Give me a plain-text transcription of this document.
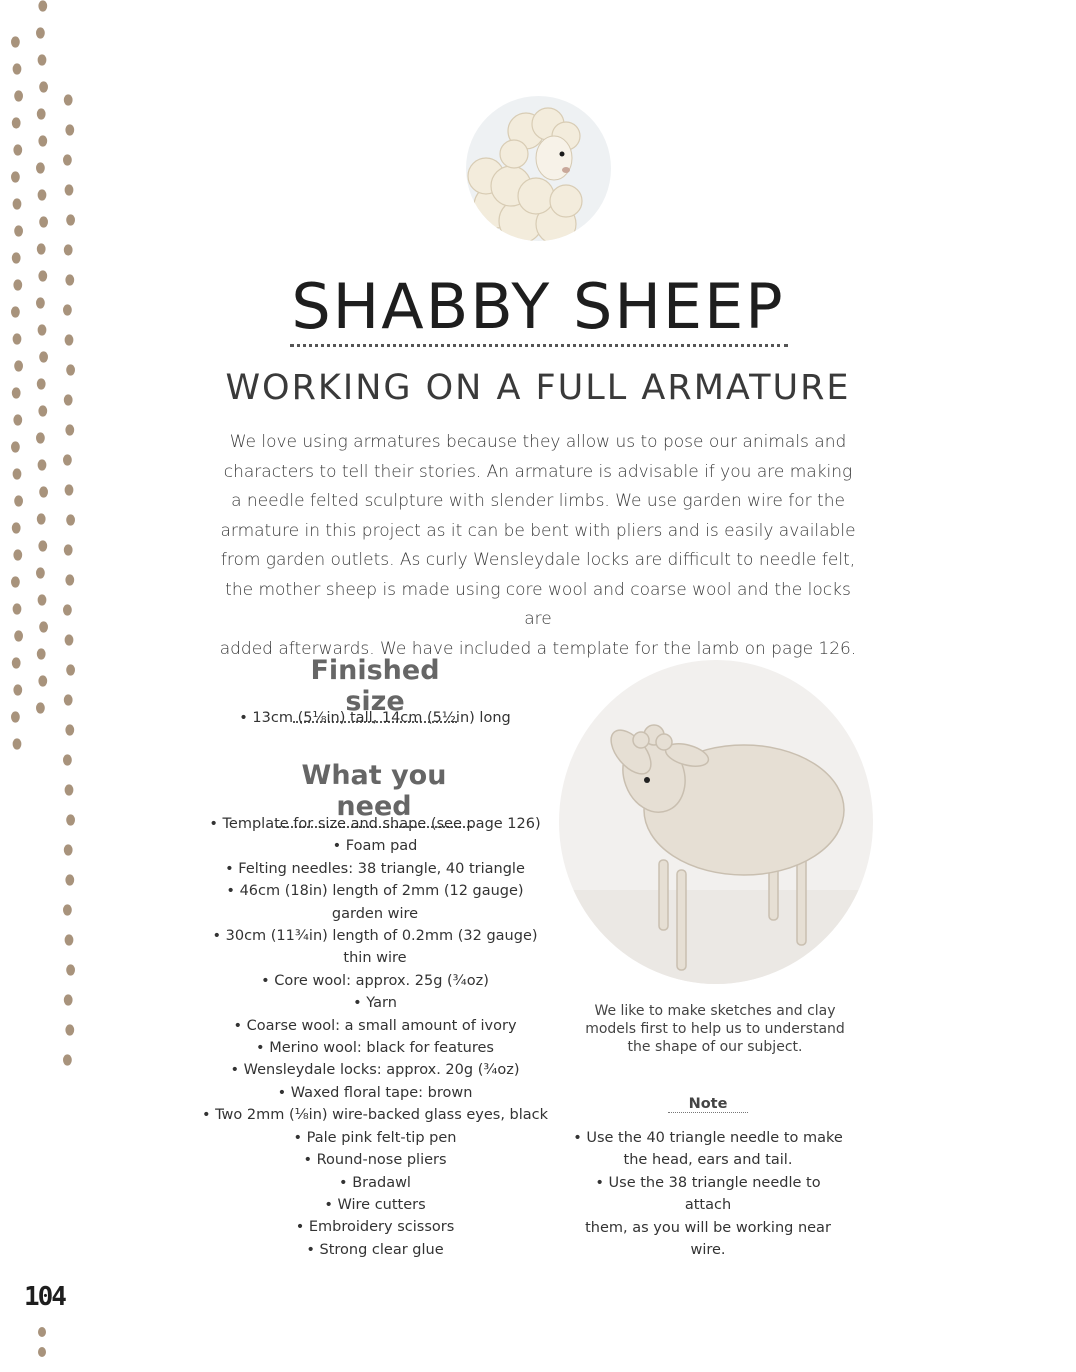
SHABBY SHEEP
WORKING ON A FULL ARMATURE
We love using armatures because they allow us to pose our animals and
characters to tell their stories. An armature is advisable if you are making
a needle felted sculpture with slender limbs. We use garden wire for the
armature in this project as it can be bent with pliers and is easily available
from garden outlets. As curly Wensleydale locks are difficult to needle felt,
the mother sheep is made using core wool and coarse wool and the locks are
added afterwards. We have included a template for the lamb on page 126.
Finished size
• 13cm (5¹⁄₈in) tall, 14cm (5½in) long
What you need
• Template for size and shape (see page 126)
• Foam pad
• Felting needles: 38 triangle, 40 triangle
• 46cm (18in) length of 2mm (12 gauge)
garden wire
• 30cm (11¾in) length of 0.2mm (32 gauge)
thin wire
• Core wool: approx. 25g (¾oz)
• Yarn
• Coarse wool: a small amount of ivory
• Merino wool: black for features
• Wensleydale locks: approx. 20g (¾oz)
• Waxed floral tape: brown
• Two 2mm (¹⁄₈in) wire-backed glass eyes, black
• Pale pink felt-tip pen
• Round-nose pliers
• Bradawl
• Wire cutters
• Embroidery scissors
• Strong clear glue
We like to make sketches and clay
models first to help us to understand
the shape of our subject.
Note
• Use the 40 triangle needle to make
the head, ears and tail.
• Use the 38 triangle needle to attach
them, as you will be working near wire.
104
